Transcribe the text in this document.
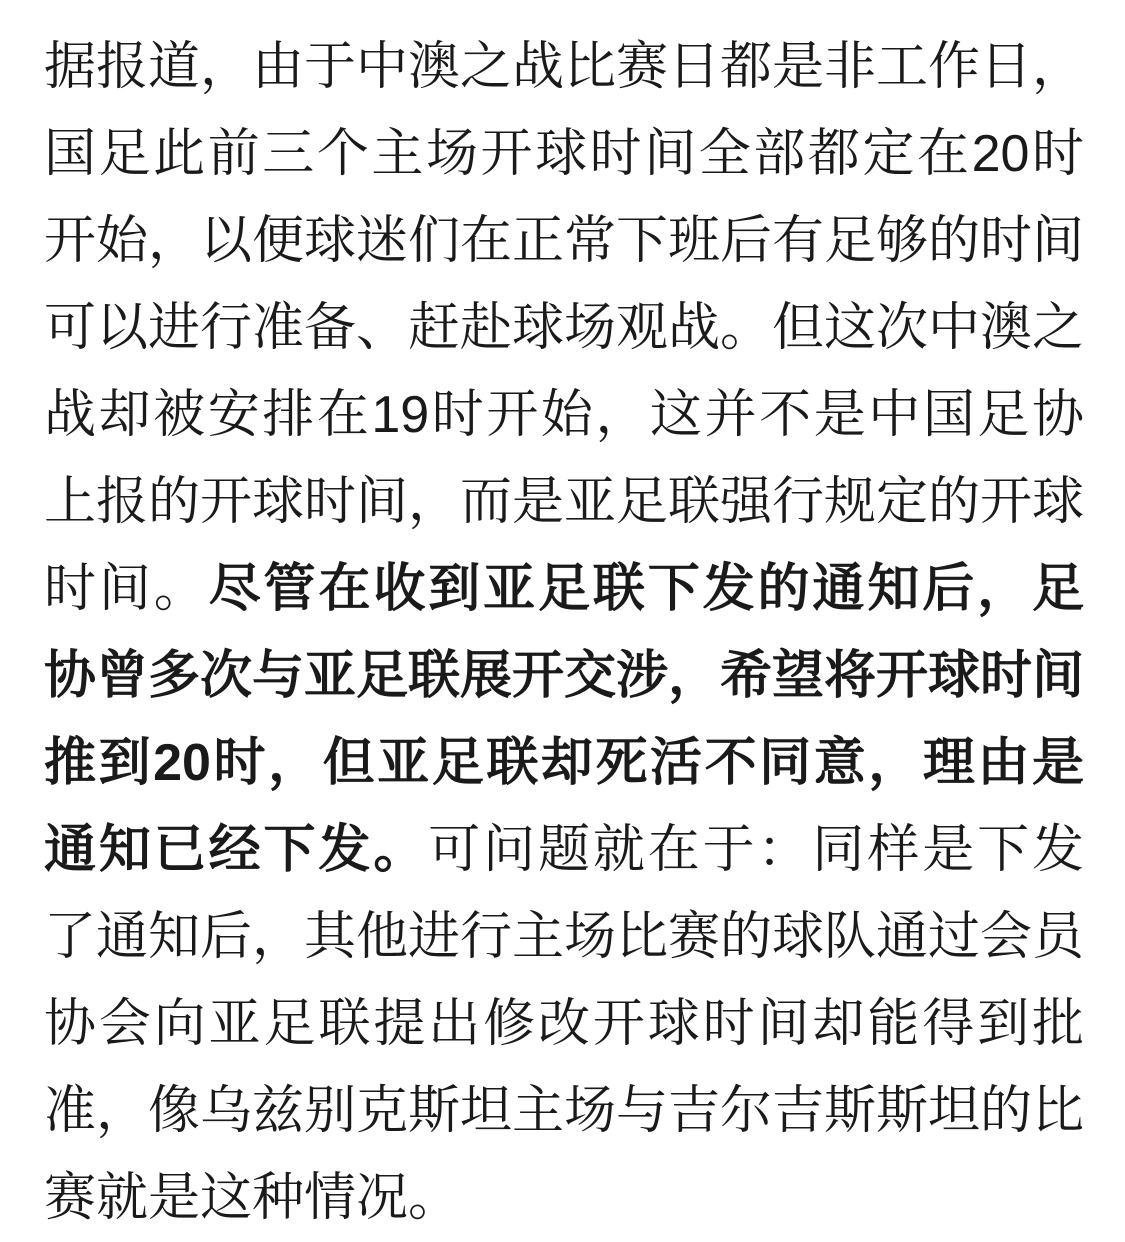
据报道，由于中澳之战比赛日都是非工作日，国足此前三个主场开球时间全部都定在20时开始，以便球迷们在正常下班后有足够的时间可以进行准备、赶赴球场观战。但这次中澳之战却被安排在19时开始，这并不是中国足协上报的开球时间，而是亚足联强行规定的开球时间。尽管在收到亚足联下发的通知后，足协曾多次与亚足联展开交涉，希望将开球时间推到20时，但亚足联却死活不同意，理由是通知已经下发。可问题就在于：同样是下发了通知后，其他进行主场比赛的球队通过会员协会向亚足联提出修改开球时间却能得到批准，像乌兹别克斯坦主场与吉尔吉斯斯坦的比赛就是这种情况。
